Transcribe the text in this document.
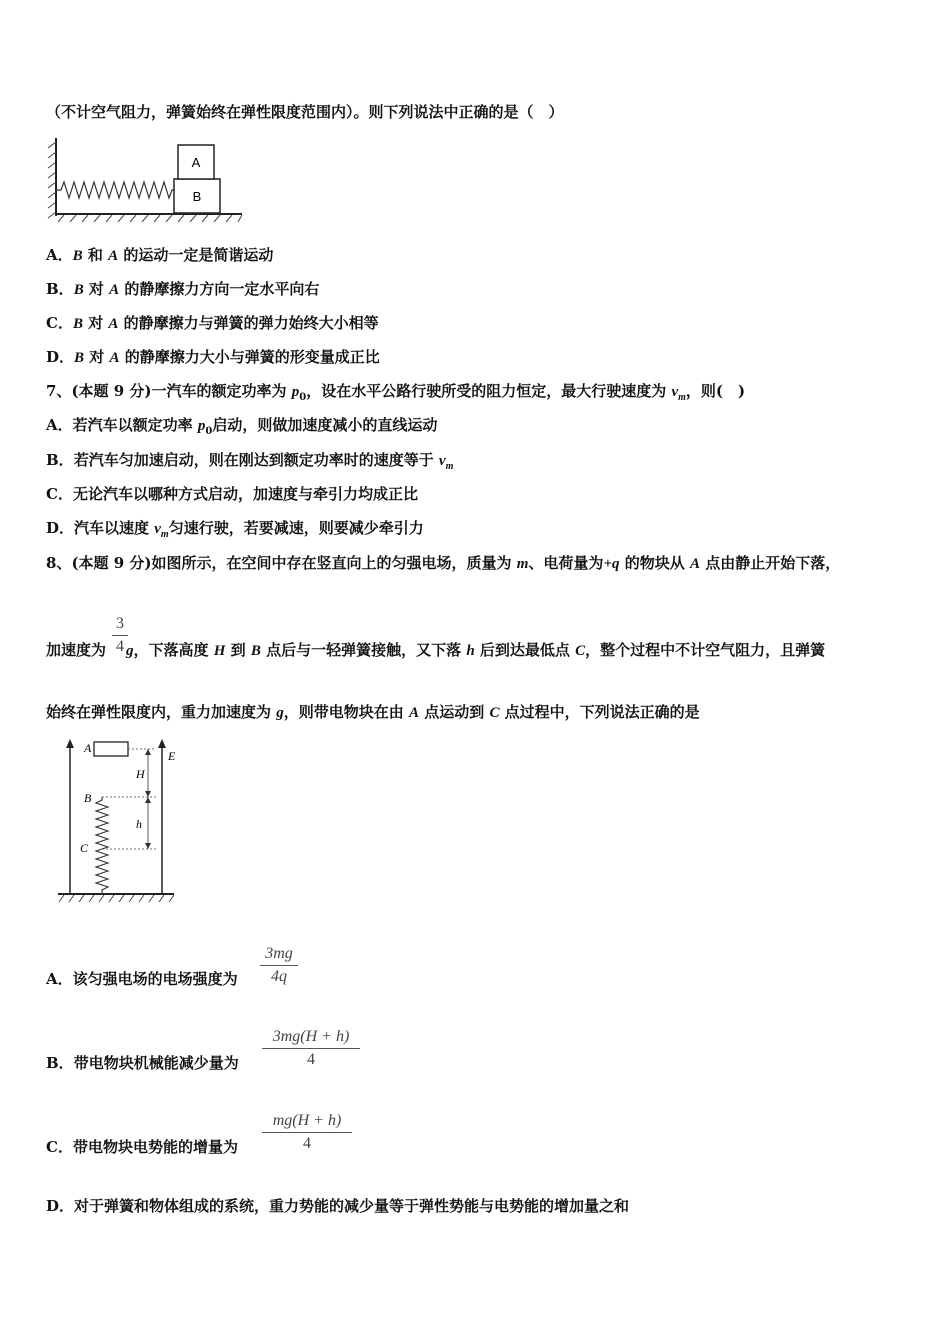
（不计空气阻力，弹簧始终在弹性限度范围内）。则下列说法中正确的是（　）
A
B
A．B 和 A 的运动一定是简谐运动
B．B 对 A 的静摩擦力方向一定水平向右
C．B 对 A 的静摩擦力与弹簧的弹力始终大小相等
D．B 对 A 的静摩擦力大小与弹簧的形变量成正比
7、(本题 9 分)一汽车的额定功率为 $p_0$，设在水平公路行驶所受的阻力恒定，最大行驶速度为 $v_m$，则(　)
A．若汽车以额定功率 $p_0$启动，则做加速度减小的直线运动
B．若汽车匀加速启动，则在刚达到额定功率时的速度等于 $v_m$
C．无论汽车以哪种方式启动，加速度与牵引力均成正比
D．汽车以速度 $v_m$匀速行驶，若要减速，则要减少牵引力
8、(本题 9 分)如图所示，在空间中存在竖直向上的匀强电场，质量为 m、电荷量为+q 的物块从 A 点由静止开始下落，
3
4
加速度为 g，下落高度 H 到 B 点后与一轻弹簧接触，又下落 h 后到达最低点 C，整个过程中不计空气阻力，且弹簧
始终在弹性限度内，重力加速度为 g，则带电物块在由 A 点运动到 C 点过程中，下列说法正确的是
A
B
C
E
H
h
3mg
4q
A．该匀强电场的电场强度为
3mg(H + h)
4
B．带电物块机械能减少量为
mg(H + h)
4
C．带电物块电势能的增量为
D．对于弹簧和物体组成的系统，重力势能的减少量等于弹性势能与电势能的增加量之和
